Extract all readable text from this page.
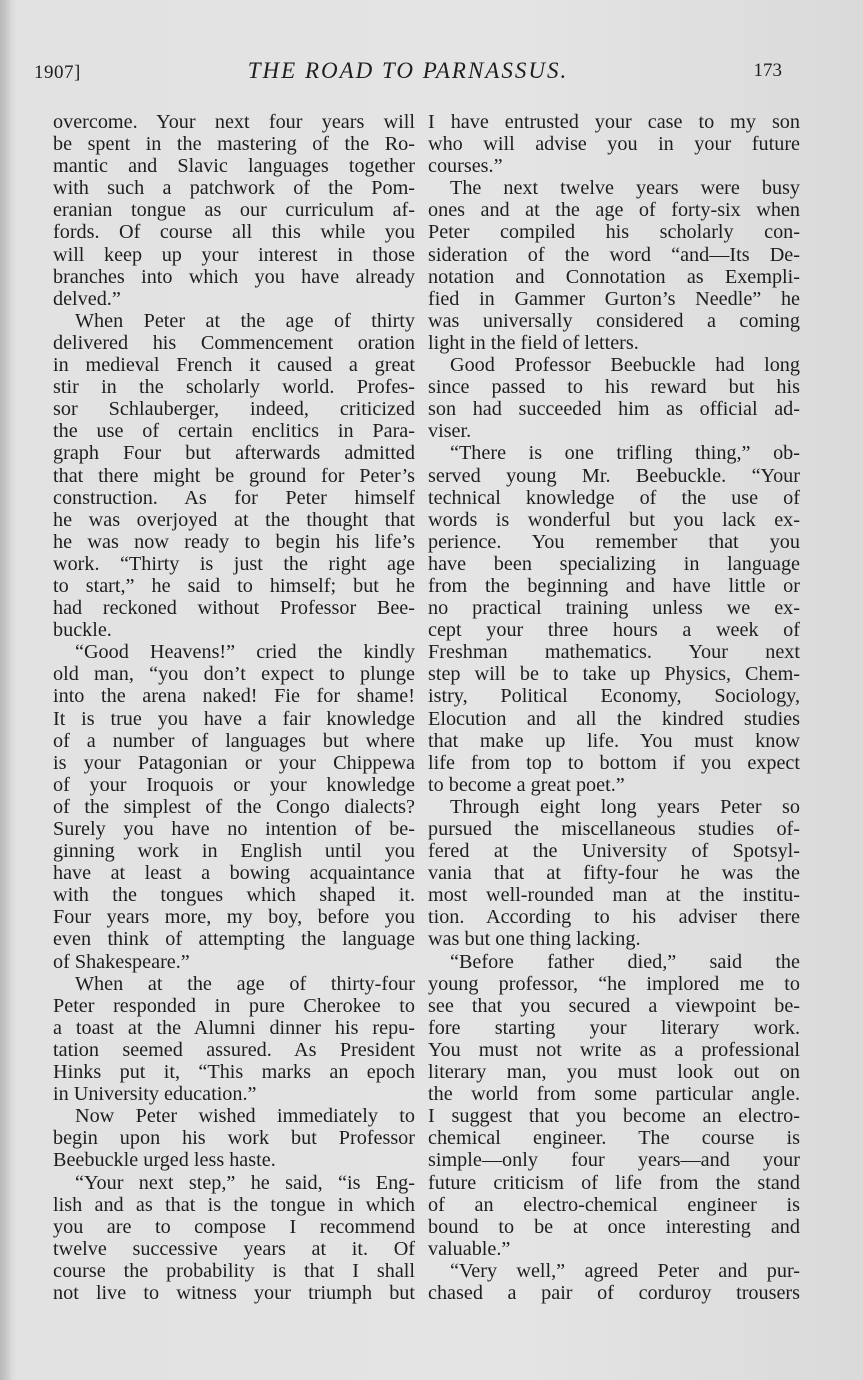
1907]	THE ROAD TO PARNASSUS.	173
overcome. Your next four years will
be spent in the mastering of the Ro-
mantic and Slavic languages together
with such a patchwork of the Pom-
eranian tongue as our curriculum af-
fords. Of course all this while you
will keep up your interest in those
branches into which you have already
delved.”
When Peter at the age of thirty
delivered his Commencement oration
in medieval French it caused a great
stir in the scholarly world. Profes-
sor Schlauberger, indeed, criticized
the use of certain enclitics in Para-
graph Four but afterwards admitted
that there might be ground for Peter’s
construction. As for Peter himself
he was overjoyed at the thought that
he was now ready to begin his life’s
work. “Thirty is just the right age
to start,” he said to himself; but he
had reckoned without Professor Bee-
buckle.
“Good Heavens!” cried the kindly
old man, “you don’t expect to plunge
into the arena naked! Fie for shame!
It is true you have a fair knowledge
of a number of languages but where
is your Patagonian or your Chippewa
of your Iroquois or your knowledge
of the simplest of the Congo dialects?
Surely you have no intention of be-
ginning work in English until you
have at least a bowing acquaintance
with the tongues which shaped it.
Four years more, my boy, before you
even think of attempting the language
of Shakespeare.”
When at the age of thirty-four
Peter responded in pure Cherokee to
a toast at the Alumni dinner his repu-
tation seemed assured. As President
Hinks put it, “This marks an epoch
in University education.”
Now Peter wished immediately to
begin upon his work but Professor
Beebuckle urged less haste.
“Your next step,” he said, “is Eng-
lish and as that is the tongue in which
you are to compose I recommend
twelve successive years at it. Of
course the probability is that I shall
not live to witness your triumph but
I have entrusted your case to my son
who will advise you in your future
courses.”
The next twelve years were busy
ones and at the age of forty-six when
Peter compiled his scholarly con-
sideration of the word “and—Its De-
notation and Connotation as Exempli-
fied in Gammer Gurton’s Needle” he
was universally considered a coming
light in the field of letters.
Good Professor Beebuckle had long
since passed to his reward but his
son had succeeded him as official ad-
viser.
“There is one trifling thing,” ob-
served young Mr. Beebuckle. “Your
technical knowledge of the use of
words is wonderful but you lack ex-
perience. You remember that you
have been specializing in language
from the beginning and have little or
no practical training unless we ex-
cept your three hours a week of
Freshman mathematics. Your next
step will be to take up Physics, Chem-
istry, Political Economy, Sociology,
Elocution and all the kindred studies
that make up life. You must know
life from top to bottom if you expect
to become a great poet.”
Through eight long years Peter so
pursued the miscellaneous studies of-
fered at the University of Spotsyl-
vania that at fifty-four he was the
most well-rounded man at the institu-
tion. According to his adviser there
was but one thing lacking.
“Before father died,” said the
young professor, “he implored me to
see that you secured a viewpoint be-
fore starting your literary work.
You must not write as a professional
literary man, you must look out on
the world from some particular angle.
I suggest that you become an electro-
chemical engineer. The course is
simple—only four years—and your
future criticism of life from the stand
of an electro-chemical engineer is
bound to be at once interesting and
valuable.”
“Very well,” agreed Peter and pur-
chased a pair of corduroy trousers
